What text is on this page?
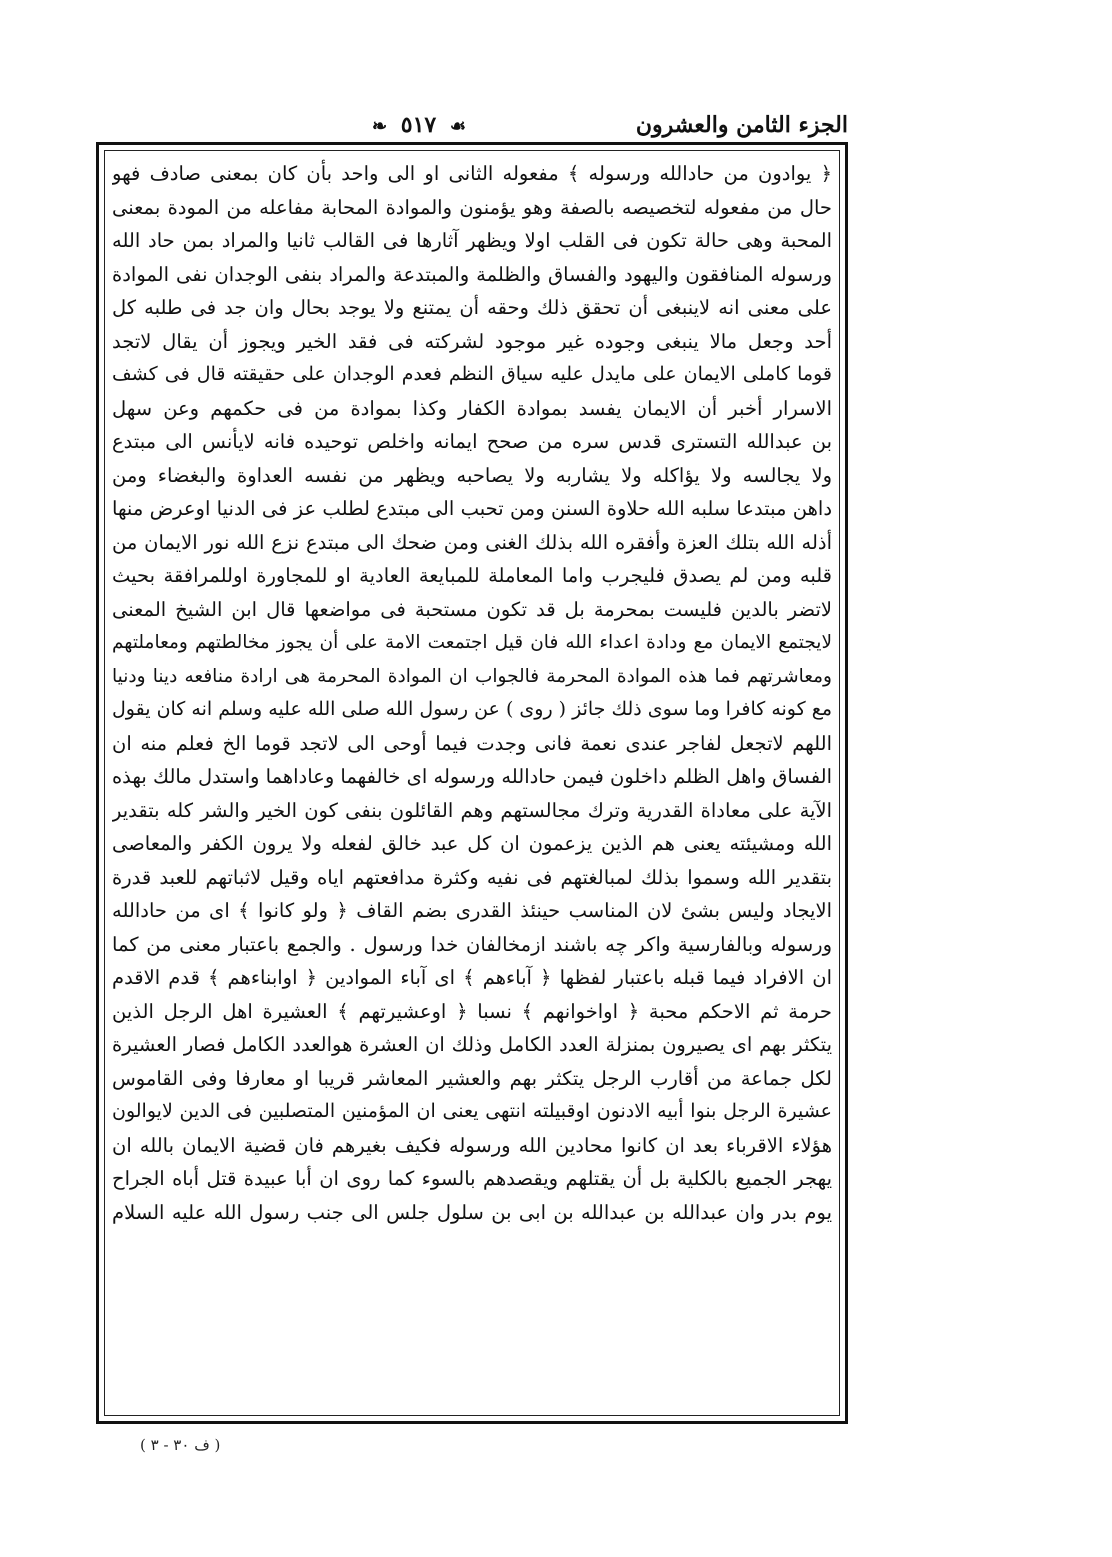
الجزء الثامن والعشرون
☙ ٥١٧ ❧
﴿ يوادون من حادالله ورسوله ﴾ مفعوله الثانى او الى واحد بأن كان بمعنى صادف فهو
حال من مفعوله لتخصيصه بالصفة وهو يؤمنون والموادة المحابة مفاعله من المودة بمعنى
المحبة وهى حالة تكون فى القلب اولا ويظهر آثارها فى القالب ثانيا والمراد بمن حاد الله
ورسوله المنافقون واليهود والفساق والظلمة والمبتدعة والمراد بنفى الوجدان نفى الموادة
على معنى انه لاينبغى أن تحقق ذلك وحقه أن يمتنع ولا يوجد بحال وان جد فى طلبه كل
أحد وجعل مالا ينبغى وجوده غير موجود لشركته فى فقد الخير ويجوز أن يقال لاتجد
قوما كاملى الايمان على مايدل عليه سياق النظم فعدم الوجدان على حقيقته قال فى كشف
الاسرار أخبر أن الايمان يفسد بموادة الكفار وكذا بموادة من فى حكمهم وعن سهل
بن عبدالله التسترى قدس سره من صحح ايمانه واخلص توحيده فانه لايأنس الى مبتدع
ولا يجالسه ولا يؤاكله ولا يشاربه ولا يصاحبه ويظهر من نفسه العداوة والبغضاء ومن
داهن مبتدعا سلبه الله حلاوة السنن ومن تحبب الى مبتدع لطلب عز فى الدنيا اوعرض منها
أذله الله بتلك العزة وأفقره الله بذلك الغنى ومن ضحك الى مبتدع نزع الله نور الايمان من
قلبه ومن لم يصدق فليجرب واما المعاملة للمبايعة العادية او للمجاورة اوللمرافقة بحيث
لاتضر بالدين فليست بمحرمة بل قد تكون مستحبة فى مواضعها قال ابن الشيخ المعنى
لايجتمع الايمان مع ودادة اعداء الله فان قيل اجتمعت الامة على أن يجوز مخالطتهم ومعاملتهم
ومعاشرتهم فما هذه الموادة المحرمة فالجواب ان الموادة المحرمة هى ارادة منافعه دينا ودنيا
مع كونه كافرا وما سوى ذلك جائز ( روى ) عن رسول الله صلى الله عليه وسلم انه كان يقول
اللهم لاتجعل لفاجر عندى نعمة فانى وجدت فيما أوحى الى لاتجد قوما الخ فعلم منه ان
الفساق واهل الظلم داخلون فيمن حادالله ورسوله اى خالفهما وعاداهما واستدل مالك بهذه
الآية على معاداة القدرية وترك مجالستهم وهم القائلون بنفى كون الخير والشر كله بتقدير
الله ومشيئته يعنى هم الذين يزعمون ان كل عبد خالق لفعله ولا يرون الكفر والمعاصى
بتقدير الله وسموا بذلك لمبالغتهم فى نفيه وكثرة مدافعتهم اياه وقيل لاثباتهم للعبد قدرة
الايجاد وليس بشئ لان المناسب حينئذ القدرى بضم القاف ﴿ ولو كانوا ﴾ اى من حادالله
ورسوله وبالفارسية واكر چه باشند ازمخالفان خدا ورسول . والجمع باعتبار معنى من كما
ان الافراد فيما قبله باعتبار لفظها ﴿ آباءهم ﴾ اى آباء الموادين ﴿ اوابناءهم ﴾ قدم الاقدم
حرمة ثم الاحكم محبة ﴿ اواخوانهم ﴾ نسبا ﴿ اوعشيرتهم ﴾ العشيرة اهل الرجل الذين
يتكثر بهم اى يصيرون بمنزلة العدد الكامل وذلك ان العشرة هوالعدد الكامل فصار العشيرة
لكل جماعة من أقارب الرجل يتكثر بهم والعشير المعاشر قريبا او معارفا وفى القاموس
عشيرة الرجل بنوا أبيه الادنون اوقبيلته انتهى يعنى ان المؤمنين المتصلبين فى الدين لايوالون
هؤلاء الاقرباء بعد ان كانوا محادين الله ورسوله فكيف بغيرهم فان قضية الايمان بالله ان
يهجر الجميع بالكلية بل أن يقتلهم ويقصدهم بالسوء كما روى ان أبا عبيدة قتل أباه الجراح
يوم بدر وان عبدالله بن عبدالله بن ابى بن سلول جلس الى جنب رسول الله عليه السلام
( ف ٣٠ - ٣ )
